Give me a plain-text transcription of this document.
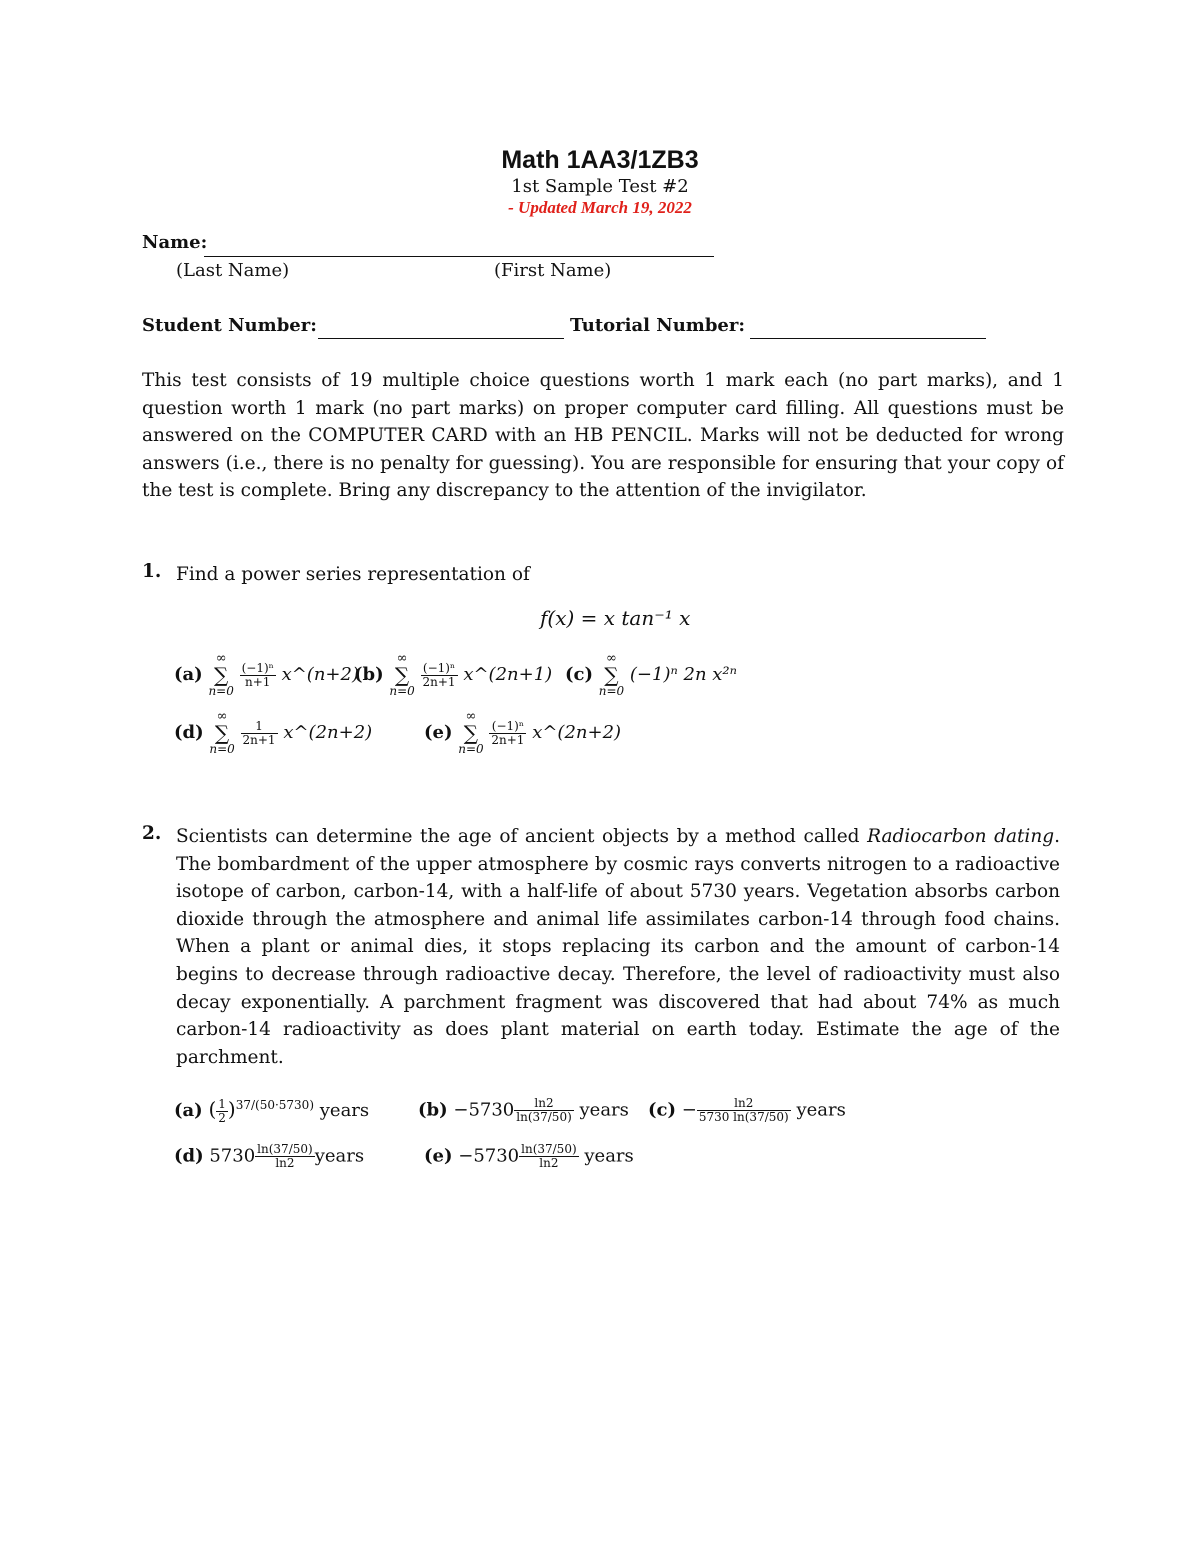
Math 1AA3/1ZB3
1st Sample Test #2
- Updated March 19, 2022
Name:
(Last Name)	(First Name)
Student Number:	Tutorial Number:
This test consists of 19 multiple choice questions worth 1 mark each (no part marks), and 1 question worth 1 mark (no part marks) on proper computer card filling. All questions must be answered on the COMPUTER CARD with an HB PENCIL. Marks will not be deducted for wrong answers (i.e., there is no penalty for guessing). You are responsible for ensuring that your copy of the test is complete. Bring any discrepancy to the attention of the invigilator.
1. Find a power series representation of
f(x) = x tan⁻¹ x
(a)
∞
∑
n=0

$\frac{\text{(−1)ⁿ}}{n+1}$ x^(n+2)
(b)
∞
∑
n=0

$\frac{\text{(−1)ⁿ}}{2n+1}$ x^(2n+1) (c)
∞
∑
n=0
(−1)ⁿ 2n x²ⁿ
(d)
∞
∑
n=0

$\frac{1}{2n+1}$ x^(2n+2)	(e)
∞
∑
n=0

$\frac{\text{(−1)ⁿ}}{2n+1}$ x^(2n+2)
2. Scientists can determine the age of ancient objects by a method called Radiocarbon dating. The bombardment of the upper atmosphere by cosmic rays converts nitrogen to a radioactive isotope of carbon, carbon-14, with a half-life of about 5730 years. Vegetation absorbs carbon dioxide through the atmosphere and animal life assimilates carbon-14 through food chains. When a plant or animal dies, it stops replacing its carbon and the amount of carbon-14 begins to decrease through radioactive decay. Therefore, the level of radioactivity must also decay exponentially. A parchment fragment was discovered that had about 74% as much carbon-14 radioactivity as does plant material on earth today. Estimate the age of the parchment.
(a) ( $\frac{1}{2} )^{37/(50\cdot 5730)}$ years	$(b) -5730 \frac{\ln 2}{\ln(37/50)}$ years $(c) - \frac{\ln 2}{5730 \ln(37/50)}$ years
(d) $5730 \frac{\ln(37/50)}{\ln 2}$ years	$(e) -5730 \frac{\ln(37/50)}{\ln 2}$ years
